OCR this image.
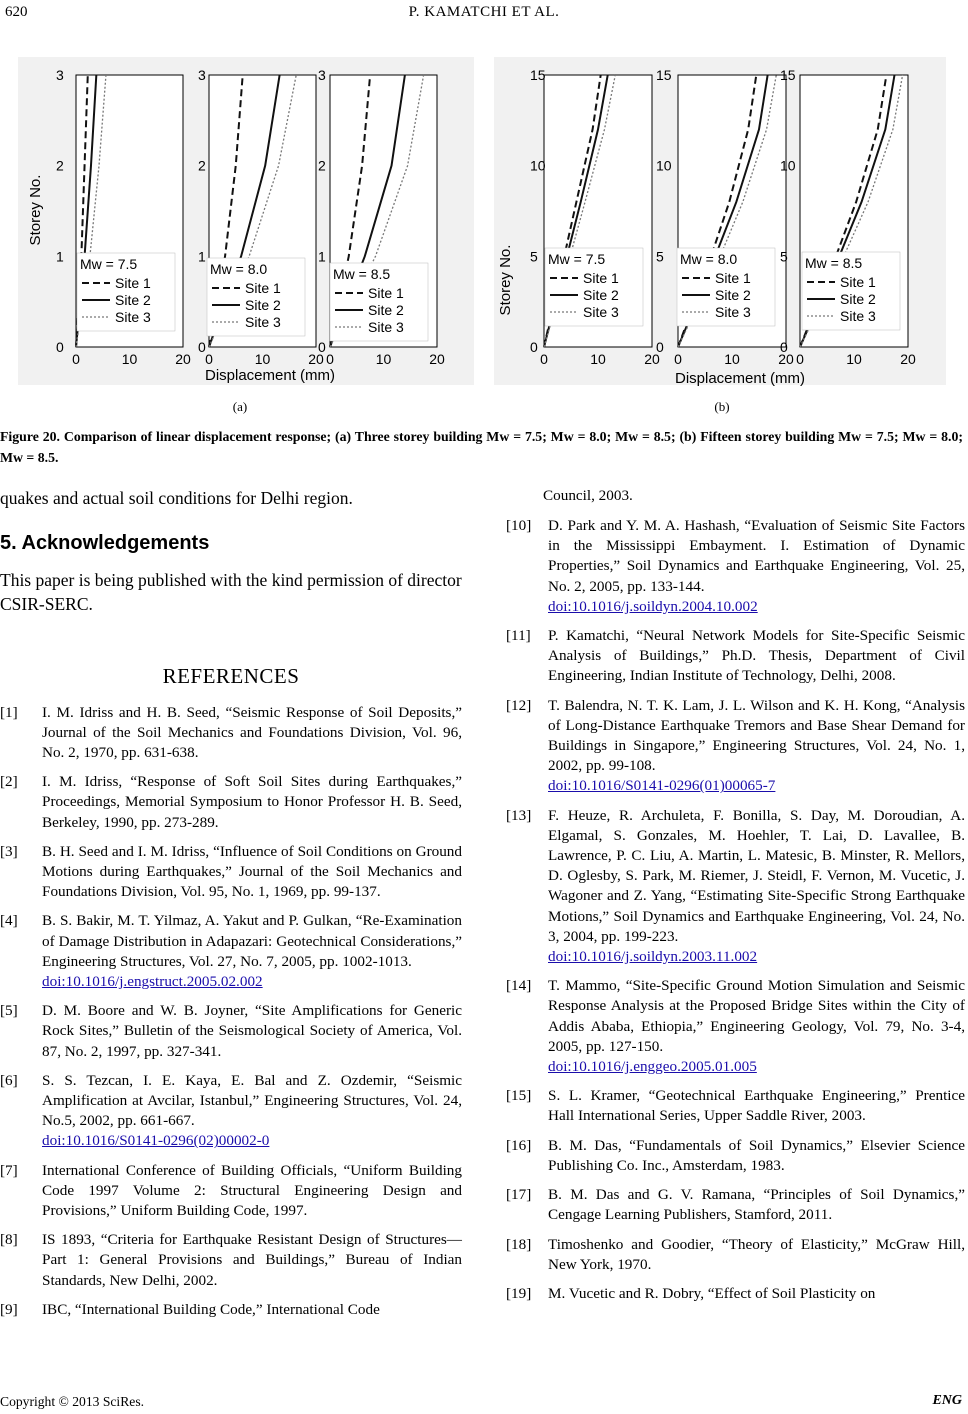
620	P. KAMATCHI ET AL.
0
1
2
3
0	10	20
Mw = 7.5
Site 1
Site 2
Site 3
0
1
2
3
0	10	20
Mw = 8.0
Site 1
Site 2
Site 3
0
1
2
3
0	10	20
Mw = 8.5
Site 1
Site 2
Site 3
Storey No.
Displacement (mm)
0
5
10
15
0	10	20
Mw = 7.5
Site 1
Site 2
Site 3
0
5
10
15
0	10	20
Mw = 8.0
Site 1
Site 2
Site 3
0
5
10
15
0	10	20
Mw = 8.5
Site 1
Site 2
Site 3
Storey No.
Displacement (mm)
(a)	(b)
Figure 20. Comparison of linear displacement response; (a) Three storey building Mw = 7.5; Mw = 8.0; Mw = 8.5; (b) Fifteen storey building Mw = 7.5; Mw = 8.0; Mw = 8.5.
quakes and actual soil conditions for Delhi region.
5. Acknowledgements
This paper is being published with the kind permission of director CSIR-SERC.
REFERENCES
[1] I. M. Idriss and H. B. Seed, “Seismic Response of Soil Deposits,” Journal of the Soil Mechanics and Foundations Division, Vol. 96, No. 2, 1970, pp. 631-638.
[2] I. M. Idriss, “Response of Soft Soil Sites during Earthquakes,” Proceedings, Memorial Symposium to Honor Professor H. B. Seed, Berkeley, 1990, pp. 273-289.
[3] B. H. Seed and I. M. Idriss, “Influence of Soil Conditions on Ground Motions during Earthquakes,” Journal of the Soil Mechanics and Foundations Division, Vol. 95, No. 1, 1969, pp. 99-137.
[4] B. S. Bakir, M. T. Yilmaz, A. Yakut and P. Gulkan, “Re-Examination of Damage Distribution in Adapazari: Geotechnical Considerations,” Engineering Structures, Vol. 27, No. 7, 2005, pp. 1002-1013.
doi:10.1016/j.engstruct.2005.02.002
[5] D. M. Boore and W. B. Joyner, “Site Amplifications for Generic Rock Sites,” Bulletin of the Seismological Society of America, Vol. 87, No. 2, 1997, pp. 327-341.
[6] S. S. Tezcan, I. E. Kaya, E. Bal and Z. Ozdemir, “Seismic Amplification at Avcilar, Istanbul,” Engineering Structures, Vol. 24, No.5, 2002, pp. 661-667.
doi:10.1016/S0141-0296(02)00002-0
[7] International Conference of Building Officials, “Uniform Building Code 1997 Volume 2: Structural Engineering Design and Provisions,” Uniform Building Code, 1997.
[8] IS 1893, “Criteria for Earthquake Resistant Design of Structures—Part 1: General Provisions and Buildings,” Bureau of Indian Standards, New Delhi, 2002.
[9] IBC, “International Building Code,” International Code
Council, 2003.
[10] D. Park and Y. M. A. Hashash, “Evaluation of Seismic Site Factors in the Mississippi Embayment. I. Estimation of Dynamic Properties,” Soil Dynamics and Earthquake Engineering, Vol. 25, No. 2, 2005, pp. 133-144.
doi:10.1016/j.soildyn.2004.10.002
[11] P. Kamatchi, “Neural Network Models for Site-Specific Seismic Analysis of Buildings,” Ph.D. Thesis, Department of Civil Engineering, Indian Institute of Technology, Delhi, 2008.
[12] T. Balendra, N. T. K. Lam, J. L. Wilson and K. H. Kong, “Analysis of Long-Distance Earthquake Tremors and Base Shear Demand for Buildings in Singapore,” Engineering Structures, Vol. 24, No. 1, 2002, pp. 99-108.
doi:10.1016/S0141-0296(01)00065-7
[13] F. Heuze, R. Archuleta, F. Bonilla, S. Day, M. Doroudian, A. Elgamal, S. Gonzales, M. Hoehler, T. Lai, D. Lavallee, B. Lawrence, P. C. Liu, A. Martin, L. Matesic, B. Minster, R. Mellors, D. Oglesby, S. Park, M. Riemer, J. Steidl, F. Vernon, M. Vucetic, J. Wagoner and Z. Yang, “Estimating Site-Specific Strong Earthquake Motions,” Soil Dynamics and Earthquake Engineering, Vol. 24, No. 3, 2004, pp. 199-223.
doi:10.1016/j.soildyn.2003.11.002
[14] T. Mammo, “Site-Specific Ground Motion Simulation and Seismic Response Analysis at the Proposed Bridge Sites within the City of Addis Ababa, Ethiopia,” Engineering Geology, Vol. 79, No. 3-4, 2005, pp. 127-150.
doi:10.1016/j.enggeo.2005.01.005
[15] S. L. Kramer, “Geotechnical Earthquake Engineering,” Prentice Hall International Series, Upper Saddle River, 2003.
[16] B. M. Das, “Fundamentals of Soil Dynamics,” Elsevier Science Publishing Co. Inc., Amsterdam, 1983.
[17] B. M. Das and G. V. Ramana, “Principles of Soil Dynamics,” Cengage Learning Publishers, Stamford, 2011.
[18] Timoshenko and Goodier, “Theory of Elasticity,” McGraw Hill, New York, 1970.
[19] M. Vucetic and R. Dobry, “Effect of Soil Plasticity on
Copyright © 2013 SciRes.	ENG
